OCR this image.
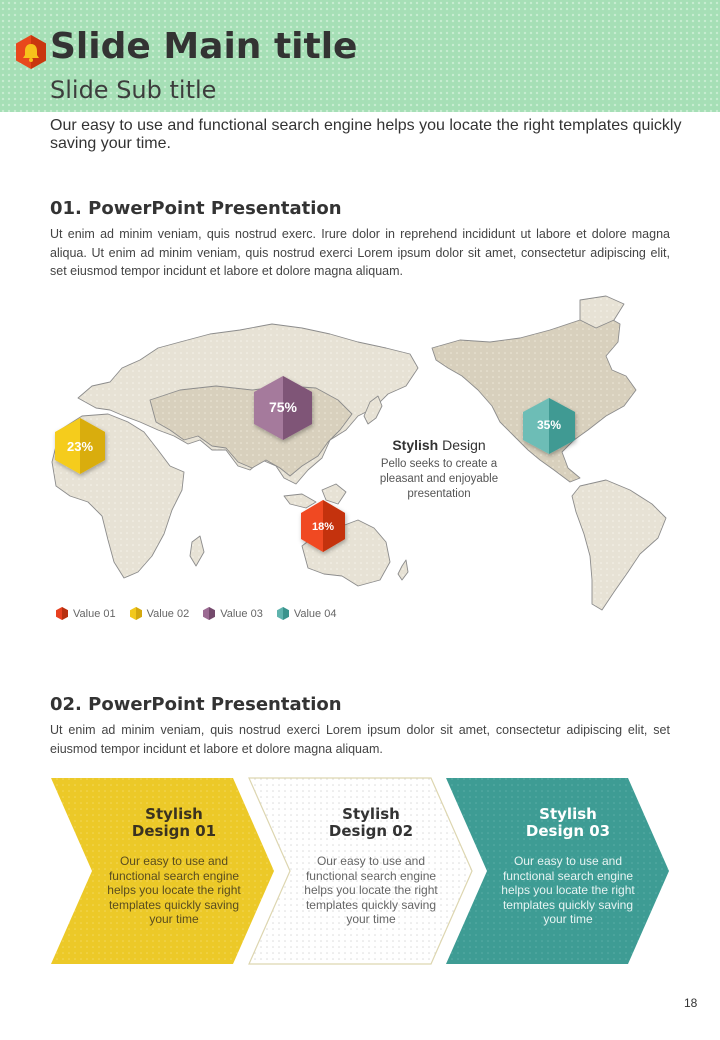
Slide Main title
Slide Sub title
Our easy to use and functional search engine helps you locate the right templates quickly saving your time.
01. PowerPoint Presentation
Ut enim ad minim veniam, quis nostrud exerc. Irure dolor in reprehend incididunt ut labore et dolore magna aliqua. Ut enim ad minim veniam, quis nostrud exerci Lorem ipsum dolor sit amet, consectetur adipiscing elit, set eiusmod tempor incidunt et labore et dolore magna aliquam.
23%
75%
18%
35%
Stylish Design
Pello seeks to create a pleasant and enjoyable presentation
Value 01	Value 02	Value 03	Value 04
02. PowerPoint Presentation
Ut enim ad minim veniam, quis nostrud exerci Lorem ipsum dolor sit amet, consectetur adipiscing elit, set eiusmod tempor incidunt et labore et dolore magna aliquam.
Stylish
Design 01
Our easy to use and functional search engine helps you locate the right templates quickly saving your time
Stylish
Design 02
Our easy to use and functional search engine helps you locate the right templates quickly saving your time
Stylish
Design 03
Our easy to use and functional search engine helps you locate the right templates quickly saving your time
18
